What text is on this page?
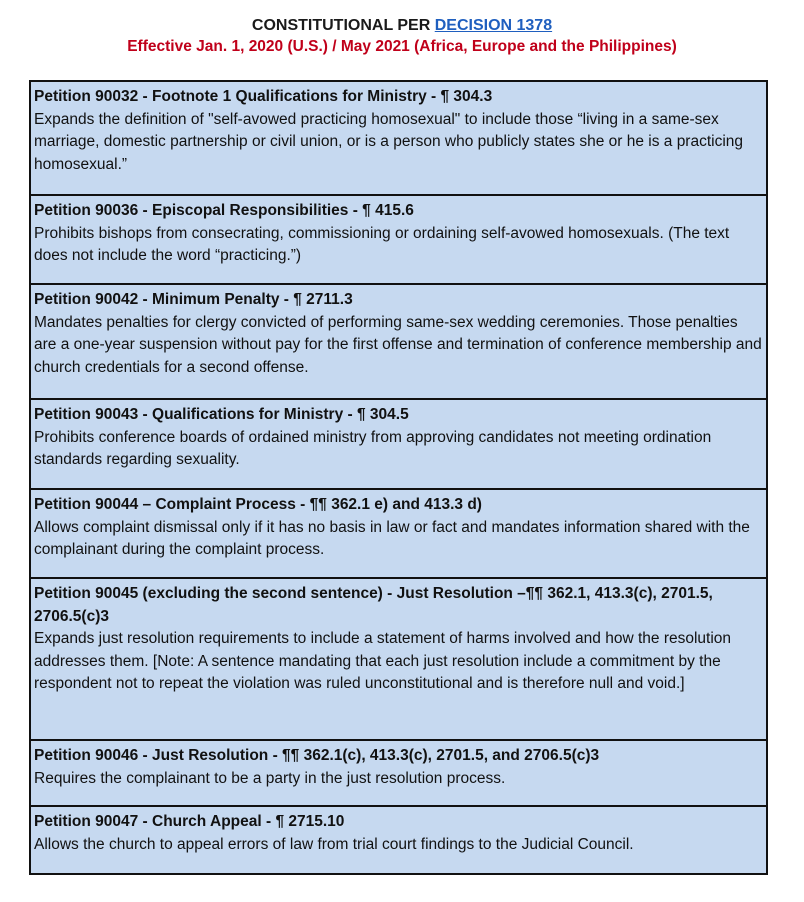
CONSTITUTIONAL PER DECISION 1378
Effective Jan. 1, 2020 (U.S.) / May 2021 (Africa, Europe and the Philippines)
Petition 90032 - Footnote 1 Qualifications for Ministry - ¶ 304.3
Expands the definition of "self-avowed practicing homosexual" to include those “living in a same-sex marriage, domestic partnership or civil union, or is a person who publicly states she or he is a practicing homosexual.”
Petition 90036 - Episcopal Responsibilities - ¶ 415.6
Prohibits bishops from consecrating, commissioning or ordaining self-avowed homosexuals. (The text does not include the word “practicing.”)
Petition 90042 - Minimum Penalty - ¶ 2711.3
Mandates penalties for clergy convicted of performing same-sex wedding ceremonies. Those penalties are a one-year suspension without pay for the first offense and termination of conference membership and church credentials for a second offense.
Petition 90043 - Qualifications for Ministry - ¶ 304.5
Prohibits conference boards of ordained ministry from approving candidates not meeting ordination standards regarding sexuality.
Petition 90044 – Complaint Process - ¶¶ 362.1 e) and 413.3 d)
Allows complaint dismissal only if it has no basis in law or fact and mandates information shared with the complainant during the complaint process.
Petition 90045 (excluding the second sentence) - Just Resolution –¶¶ 362.1, 413.3(c), 2701.5, 2706.5(c)3
Expands just resolution requirements to include a statement of harms involved and how the resolution addresses them. [Note: A sentence mandating that each just resolution include a commitment by the respondent not to repeat the violation was ruled unconstitutional and is therefore null and void.]
Petition 90046 - Just Resolution - ¶¶ 362.1(c), 413.3(c), 2701.5, and 2706.5(c)3
Requires the complainant to be a party in the just resolution process.
Petition 90047 - Church Appeal - ¶ 2715.10
Allows the church to appeal errors of law from trial court findings to the Judicial Council.
